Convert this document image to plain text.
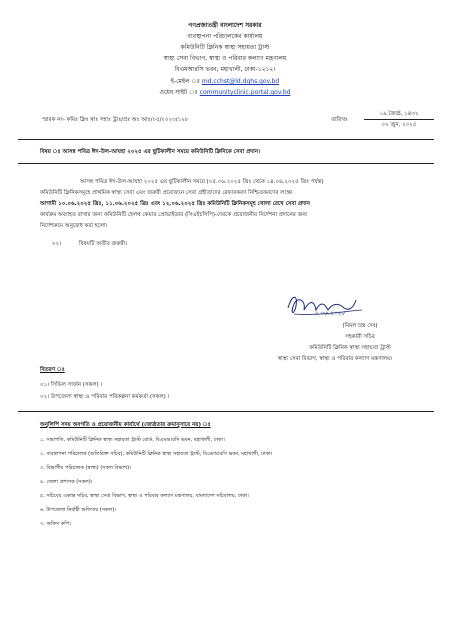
গণপ্রজাতন্ত্রী বাংলাদেশ সরকার
ব্যবস্থাপনা পরিচালকের কার্যালয়
কমিউনিটি ক্লিনিক স্বাস্থ্য সহায়তা ট্রাস্ট
স্বাস্থ্য সেবা বিভাগ, স্বাস্থ্য ও পরিবার কল্যাণ মন্ত্রণালয়
বিএমআরসি ভবন, মহাখালী, ঢাকা-১২১২।
ই-মেইল ঃ md.cchst@ld.dghs.gov.bd
ওয়েব সাইট ঃ communityclinic.portal.gov.bd
স্মারক নং- কমিঃ ক্লিঃ স্বাঃ সহাঃ ট্রাঃ/প্রঃ অঃ আঃ/০৫/২০২৩/১২৮	তারিখঃ
১৯ জ্যৈষ্ঠ, ১৪৩২
০২ জুন, ২০২৫
বিষয় ঃ আসন্ন পবিত্র ঈদ-উল-আযহা ২০২৫ এর ছুটিকালীন সময়ে কমিউনিটি ক্লিনিকে সেবা প্রদান।
আসন্ন পবিত্র ঈদ-উল-আযহা ২০২৫ এর ছুটিকালীন সময়ে (০৫.০৬.২০২৫ খ্রিঃ থেকে ১৪.০৬.২০২৫ খ্রিঃ পর্যন্ত)
কমিউনিটি ক্লিনিকসমূহে প্রাথমিক স্বাস্থ্য সেবা এবং জরুরী প্রয়োজনে সেবা গ্রহীতাদের রেফারকরণ নিশ্চিতকরণের লক্ষ্যে
আগামী ১০.০৬.২০২৫ খ্রিঃ, ১১.০৬.২০২৫ খ্রিঃ এবং ১২.০৬.২০২৫ খ্রিঃ কমিউনিটি ক্লিনিকসমূহ খোলা রেখে সেবা প্রদান
কার্যক্রম অব্যাহত রাখার জন্য কমিউনিটি হেলথ কেয়ার প্রোভাইডার (সিএইচসিপি)-দেরকে প্রয়োজনীয় নির্দেশনা প্রদানের জন্য
নির্দেশক্রমে অনুরোধ করা হলো।
০২।	বিষয়টি অতীব জরুরী।
২.০৬.২০২৫
(বিমল চন্দ্র দেব)
সহকারী সচিব
কমিউনিটি ক্লিনিক স্বাস্থ্য সহায়তা ট্রাস্ট
স্বাস্থ্য সেবা বিভাগ, স্বাস্থ্য ও পরিবার কল্যাণ মন্ত্রণালয়।
বিতরণ ঃ
০১। সিভিল সার্জন (সকল) ।
০২। উপজেলা স্বাস্থ্য ও পরিবার পরিকল্পনা কর্মকর্তা (সকল) ।
অনুলিপি সদয় অবগতি ও প্রয়োজনীয় কার্যার্থে (জ্যেষ্ঠতার ক্রমানুসারে নয়) ঃ
১. সভাপতি, কমিউনিটি ক্লিনিক স্বাস্থ্য সহায়তা ট্রাস্ট বোর্ড, বিএমআরসি ভবন, মহাখালী, ঢাকা।
২. ব্যবস্থাপনা পরিচালক (অতিরিক্ত সচিব), কমিউনিটি ক্লিনিক স্বাস্থ্য সহায়তা ট্রাস্ট, বিএমআরসি ভবন, মহাখালী, ঢাকা।
৩. বিভাগীয় পরিচালক (স্বাস্থ্য) (সকল বিভাগ)।
৪. জেলা প্রশাসক (সকল)।
৫. সচিবের একান্ত সচিব, স্বাস্থ্য সেবা বিভাগ, স্বাস্থ্য ও পরিবার কল্যাণ মন্ত্রণালয়, বাংলাদেশ সচিবালয়, ঢাকা।
৬. উপজেলা নির্বাহী অফিসার (সকল)।
৭. অফিস কপি।
